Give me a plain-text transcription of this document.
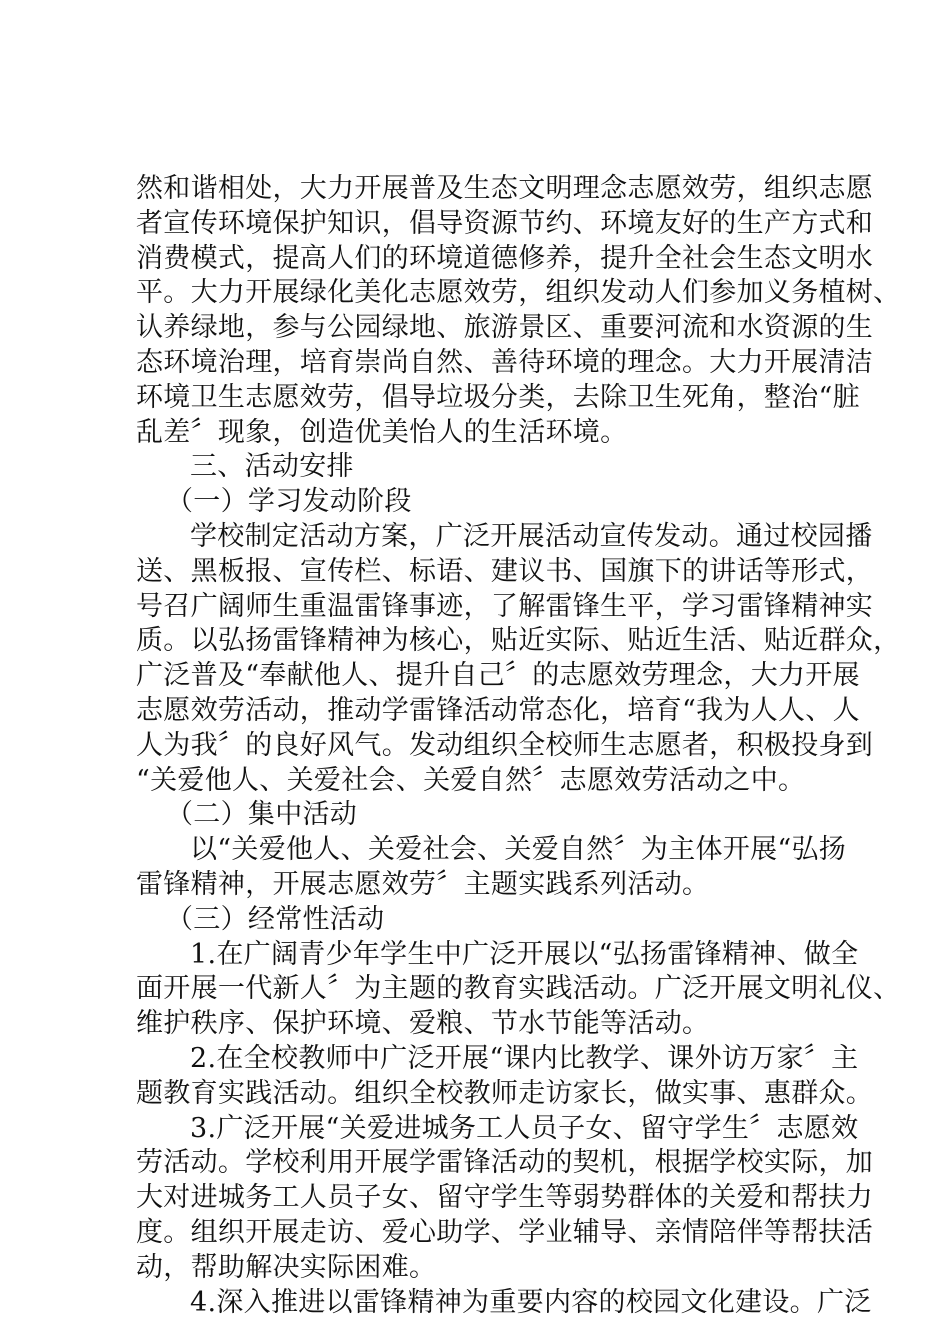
然和谐相处，大力开展普及生态文明理念志愿效劳，组织志愿
者宣传环境保护知识，倡导资源节约、环境友好的生产方式和
消费模式，提高人们的环境道德修养，提升全社会生态文明水
平。大力开展绿化美化志愿效劳，组织发动人们参加义务植树、
认养绿地，参与公园绿地、旅游景区、重要河流和水资源的生
态环境治理，培育崇尚自然、善待环境的理念。大力开展清洁
环境卫生志愿效劳，倡导垃圾分类，去除卫生死角，整治“脏
乱差〞现象，创造优美怡人的生活环境。
三、活动安排
（一）学习发动阶段
学校制定活动方案，广泛开展活动宣传发动。通过校园播
送、黑板报、宣传栏、标语、建议书、国旗下的讲话等形式，
号召广阔师生重温雷锋事迹，了解雷锋生平，学习雷锋精神实
质。以弘扬雷锋精神为核心，贴近实际、贴近生活、贴近群众，
广泛普及“奉献他人、提升自己〞的志愿效劳理念，大力开展
志愿效劳活动，推动学雷锋活动常态化，培育“我为人人、人
人为我〞的良好风气。发动组织全校师生志愿者，积极投身到
“关爱他人、关爱社会、关爱自然〞志愿效劳活动之中。
（二）集中活动
以“关爱他人、关爱社会、关爱自然〞为主体开展“弘扬
雷锋精神，开展志愿效劳〞主题实践系列活动。
（三）经常性活动
1.在广阔青少年学生中广泛开展以“弘扬雷锋精神、做全
面开展一代新人〞为主题的教育实践活动。广泛开展文明礼仪、
维护秩序、保护环境、爱粮、节水节能等活动。
2.在全校教师中广泛开展“课内比教学、课外访万家〞主
题教育实践活动。组织全校教师走访家长，做实事、惠群众。
3.广泛开展“关爱进城务工人员子女、留守学生〞志愿效
劳活动。学校利用开展学雷锋活动的契机，根据学校实际，加
大对进城务工人员子女、留守学生等弱势群体的关爱和帮扶力
度。组织开展走访、爱心助学、学业辅导、亲情陪伴等帮扶活
动，帮助解决实际困难。
4.深入推进以雷锋精神为重要内容的校园文化建设。广泛
